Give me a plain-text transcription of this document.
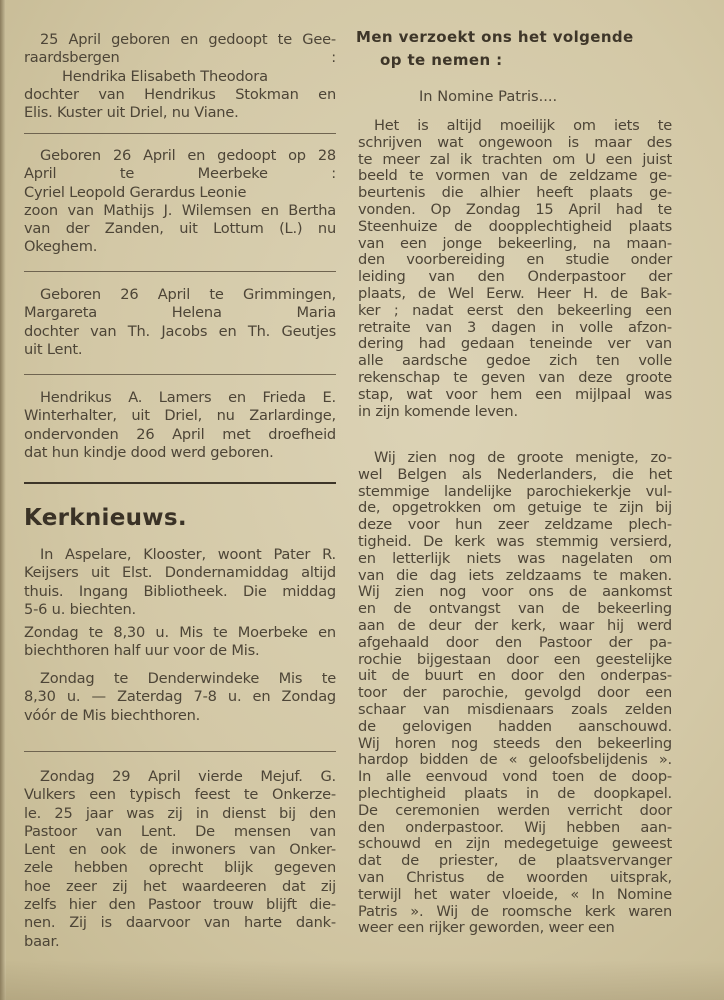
25 April geboren en gedoopt te Gee-
raardsbergen :
Hendrika Elisabeth Theodora
dochter van Hendrikus Stokman en
Elis. Kuster uit Driel, nu Viane.
Geboren 26 April en gedoopt op 28
April te Meerbeke :
Cyriel Leopold Gerardus Leonie
zoon van Mathijs J. Wilemsen en Bertha
van der Zanden, uit Lottum (L.) nu
Okeghem.
Geboren 26 April te Grimmingen,
Margareta Helena Maria
dochter van Th. Jacobs en Th. Geutjes
uit Lent.
Hendrikus A. Lamers en Frieda E.
Winterhalter, uit Driel, nu Zarlardinge,
ondervonden 26 April met droefheid
dat hun kindje dood werd geboren.
Kerknieuws.
In Aspelare, Klooster, woont Pater R.
Keijsers uit Elst. Dondernamiddag altijd
thuis. Ingang Bibliotheek. Die middag
5-6 u. biechten.
Zondag te 8,30 u. Mis te Moerbeke en
biechthoren half uur voor de Mis.
Zondag te Denderwindeke Mis te
8,30 u. — Zaterdag 7-8 u. en Zondag
vóór de Mis biechthoren.
Zondag 29 April vierde Mejuf. G.
Vulkers een typisch feest te Onkerze-
le. 25 jaar was zij in dienst bij den
Pastoor van Lent. De mensen van
Lent en ook de inwoners van Onker-
zele hebben oprecht blijk gegeven
hoe zeer zij het waardeeren dat zij
zelfs hier den Pastoor trouw blijft die-
nen. Zij is daarvoor van harte dank-
baar.
Men verzoekt ons het volgende
op te nemen :
In Nomine Patris....
Het is altijd moeilijk om iets te
schrijven wat ongewoon is maar des
te meer zal ik trachten om U een juist
beeld te vormen van de zeldzame ge-
beurtenis die alhier heeft plaats ge-
vonden. Op Zondag 15 April had te
Steenhuize de doopplechtigheid plaats
van een jonge bekeerling, na maan-
den voorbereiding en studie onder
leiding van den Onderpastoor der
plaats, de Wel Eerw. Heer H. de Bak-
ker ; nadat eerst den bekeerling een
retraite van 3 dagen in volle afzon-
dering had gedaan teneinde ver van
alle aardsche gedoe zich ten volle
rekenschap te geven van deze groote
stap, wat voor hem een mijlpaal was
in zijn komende leven.
Wij zien nog de groote menigte, zo-
wel Belgen als Nederlanders, die het
stemmige landelijke parochiekerkje vul-
de, opgetrokken om getuige te zijn bij
deze voor hun zeer zeldzame plech-
tigheid. De kerk was stemmig versierd,
en letterlijk niets was nagelaten om
van die dag iets zeldzaams te maken.
Wij zien nog voor ons de aankomst
en de ontvangst van de bekeerling
aan de deur der kerk, waar hij werd
afgehaald door den Pastoor der pa-
rochie bijgestaan door een geestelijke
uit de buurt en door den onderpas-
toor der parochie, gevolgd door een
schaar van misdienaars zoals zelden
de gelovigen hadden aanschouwd.
Wij horen nog steeds den bekeerling
hardop bidden de « geloofsbelijdenis ».
In alle eenvoud vond toen de doop-
plechtigheid plaats in de doopkapel.
De ceremonien werden verricht door
den onderpastoor. Wij hebben aan-
schouwd en zijn medegetuige geweest
dat de priester, de plaatsvervanger
van Christus de woorden uitsprak,
terwijl het water vloeide, « In Nomine
Patris ». Wij de roomsche kerk waren
weer een rijker geworden, weer een
